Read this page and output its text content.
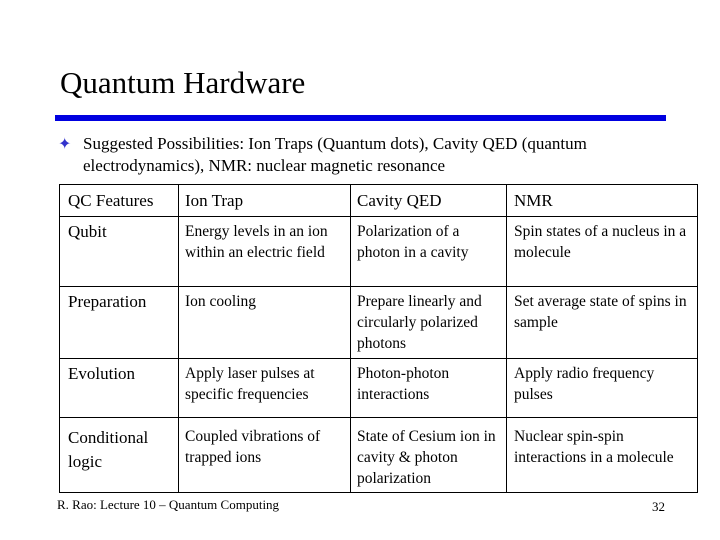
Quantum Hardware
✦ Suggested Possibilities: Ion Traps (Quantum dots), Cavity QED (quantum electrodynamics), NMR: nuclear magnetic resonance
QC Features	Ion Trap	Cavity QED	NMR
Qubit	Energy levels in an ion within an electric field	Polarization of a photon in a cavity	Spin states of a nucleus in a molecule
Preparation	Ion cooling	Prepare linearly and circularly polarized photons	Set average state of spins in sample
Evolution	Apply laser pulses at specific frequencies	Photon-photon interactions	Apply radio frequency pulses
Conditional logic	Coupled vibrations of trapped ions	State of Cesium ion in cavity & photon polarization	Nuclear spin-spin interactions in a molecule
R. Rao: Lecture 10 – Quantum Computing	32
